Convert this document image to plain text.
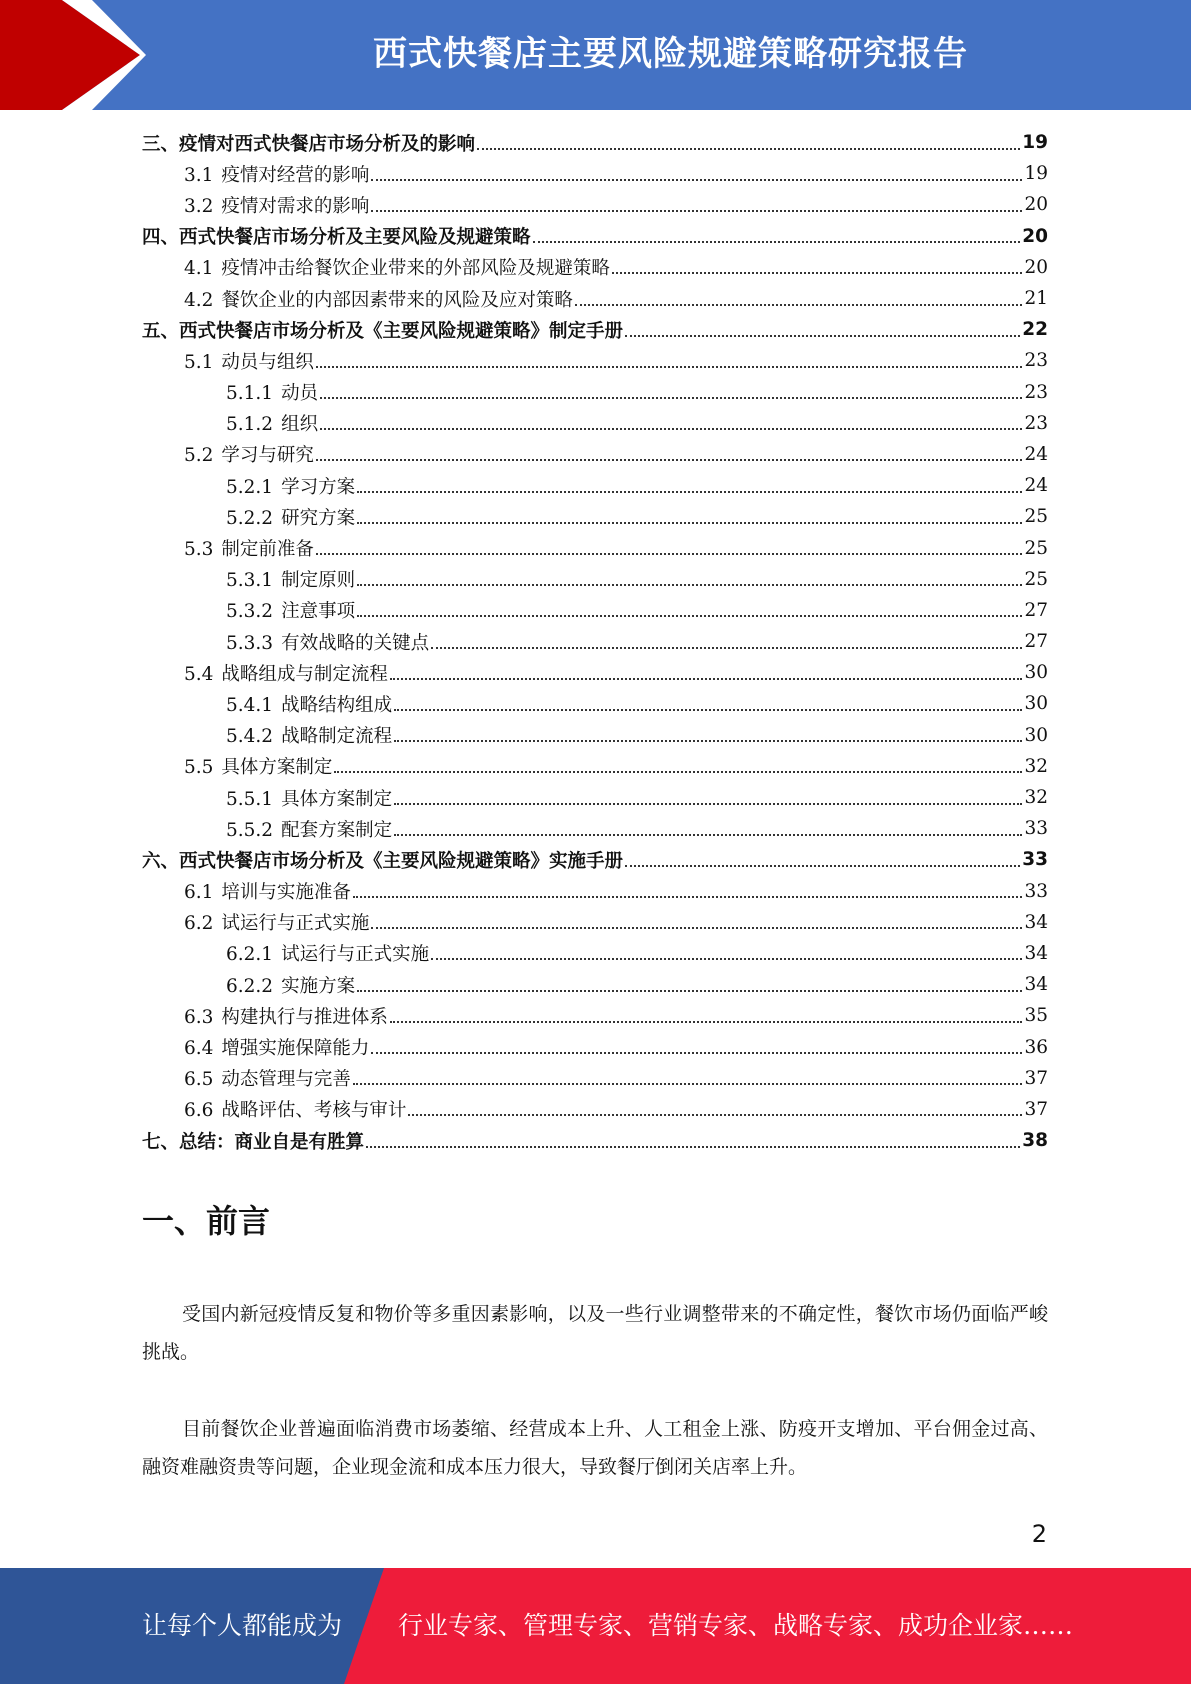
西式快餐店主要风险规避策略研究报告
三、疫情对西式快餐店市场分析及的影响	19
3.1 疫情对经营的影响	19
3.2 疫情对需求的影响	20
四、西式快餐店市场分析及主要风险及规避策略	20
4.1 疫情冲击给餐饮企业带来的外部风险及规避策略	20
4.2 餐饮企业的内部因素带来的风险及应对策略	21
五、西式快餐店市场分析及《主要风险规避策略》制定手册	22
5.1 动员与组织	23
5.1.1 动员	23
5.1.2 组织	23
5.2 学习与研究	24
5.2.1 学习方案	24
5.2.2 研究方案	25
5.3 制定前准备	25
5.3.1 制定原则	25
5.3.2 注意事项	27
5.3.3 有效战略的关键点	27
5.4 战略组成与制定流程	30
5.4.1 战略结构组成	30
5.4.2 战略制定流程	30
5.5 具体方案制定	32
5.5.1 具体方案制定	32
5.5.2 配套方案制定	33
六、西式快餐店市场分析及《主要风险规避策略》实施手册	33
6.1 培训与实施准备	33
6.2 试运行与正式实施	34
6.2.1 试运行与正式实施	34
6.2.2 实施方案	34
6.3 构建执行与推进体系	35
6.4 增强实施保障能力	36
6.5 动态管理与完善	37
6.6 战略评估、考核与审计	37
七、总结：商业自是有胜算	38
一、前言

受国内新冠疫情反复和物价等多重因素影响，以及一些行业调整带来的不确定性，餐饮市场仍面临严峻挑战。

目前餐饮企业普遍面临消费市场萎缩、经营成本上升、人工租金上涨、防疫开支增加、平台佣金过高、融资难融资贵等问题，企业现金流和成本压力很大，导致餐厅倒闭关店率上升。

2
让每个人都能成为 行业专家、管理专家、营销专家、战略专家、成功企业家……
